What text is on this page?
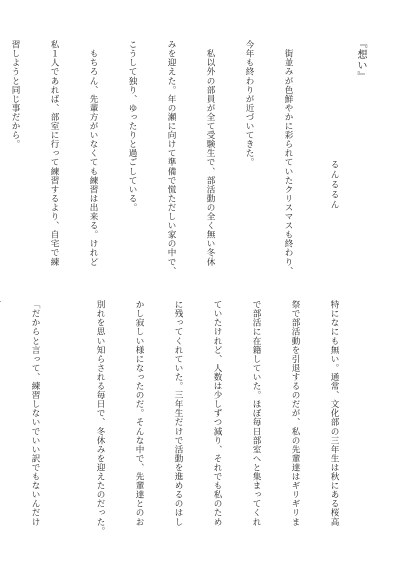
『想い』
るんるるん

　街並みが色鮮やかに彩られていたクリスマスも終わり、

今年も終わりが近づいてきた。

　私以外の部員が全て受験生で、部活動の全く無い冬休

みを迎えた。年の瀬に向けて準備で慌ただしい家の中で、

こうして独り、ゆったりと過ごしている。

　もちろん、先輩方がいなくても練習は出来る。けれど

私１人であれば、部室に行って練習するより、自宅で練

習しようと同じ事だから。

特になにも無い。通常、文化部の三年生は秋にある桜高

祭で部活動を引退するのだが、私の先輩達はギリギリま

で部活に在籍していた。ほぼ毎日部室へと集まってくれ

ていたけれど、人数は少しずつ減り、それでも私のため

に残ってくれていた。三年生だけで活動を進めるのはし

かし寂しい様になったのだ。そんな中で、先輩達とのお

別れを思い知らされる毎日で、冬休みを迎えたのだった。

「だからと言って、練習しないでいい訳でもないんだけ
